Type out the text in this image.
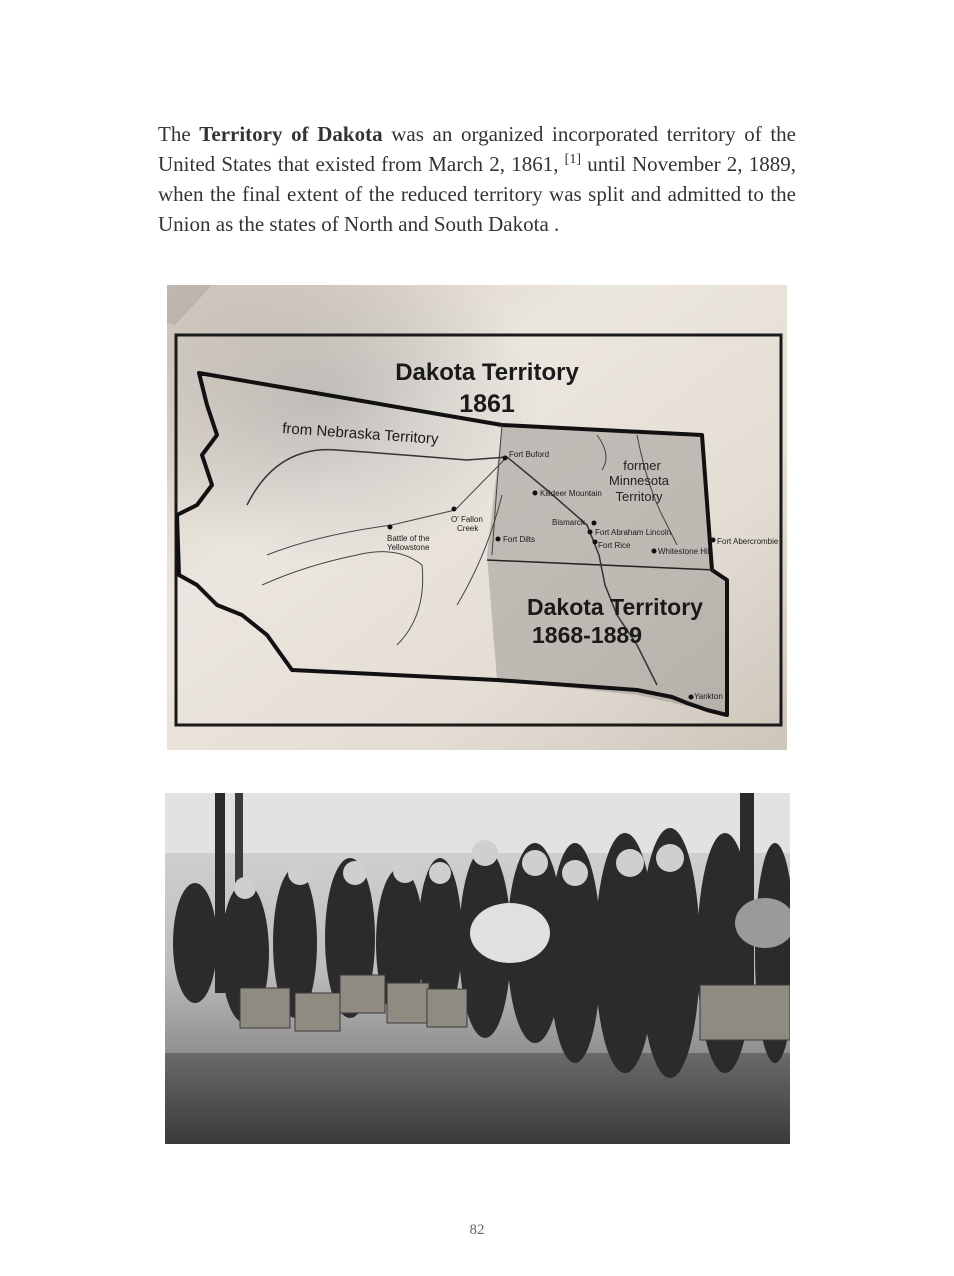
The Territory of Dakota was an organized incorporated territory of the United States that existed from March 2, 1861, [1] until November 2, 1889, when the final extent of the reduced territory was split and admitted to the Union as the states of North and South Dakota .

Dakota Territory
1861
from Nebraska Territory
former
Minnesota
Territory
Dakota Territory
1868-1889
Fort Buford
Killdeer Mountain
Bismarck
Fort Abraham Lincoln
Fort Rice
Whitestone Hill
Fort Abercrombie
O' Fallon
Creek
Fort Dilts
Battle of the
Yellowstone
Yankton
82
